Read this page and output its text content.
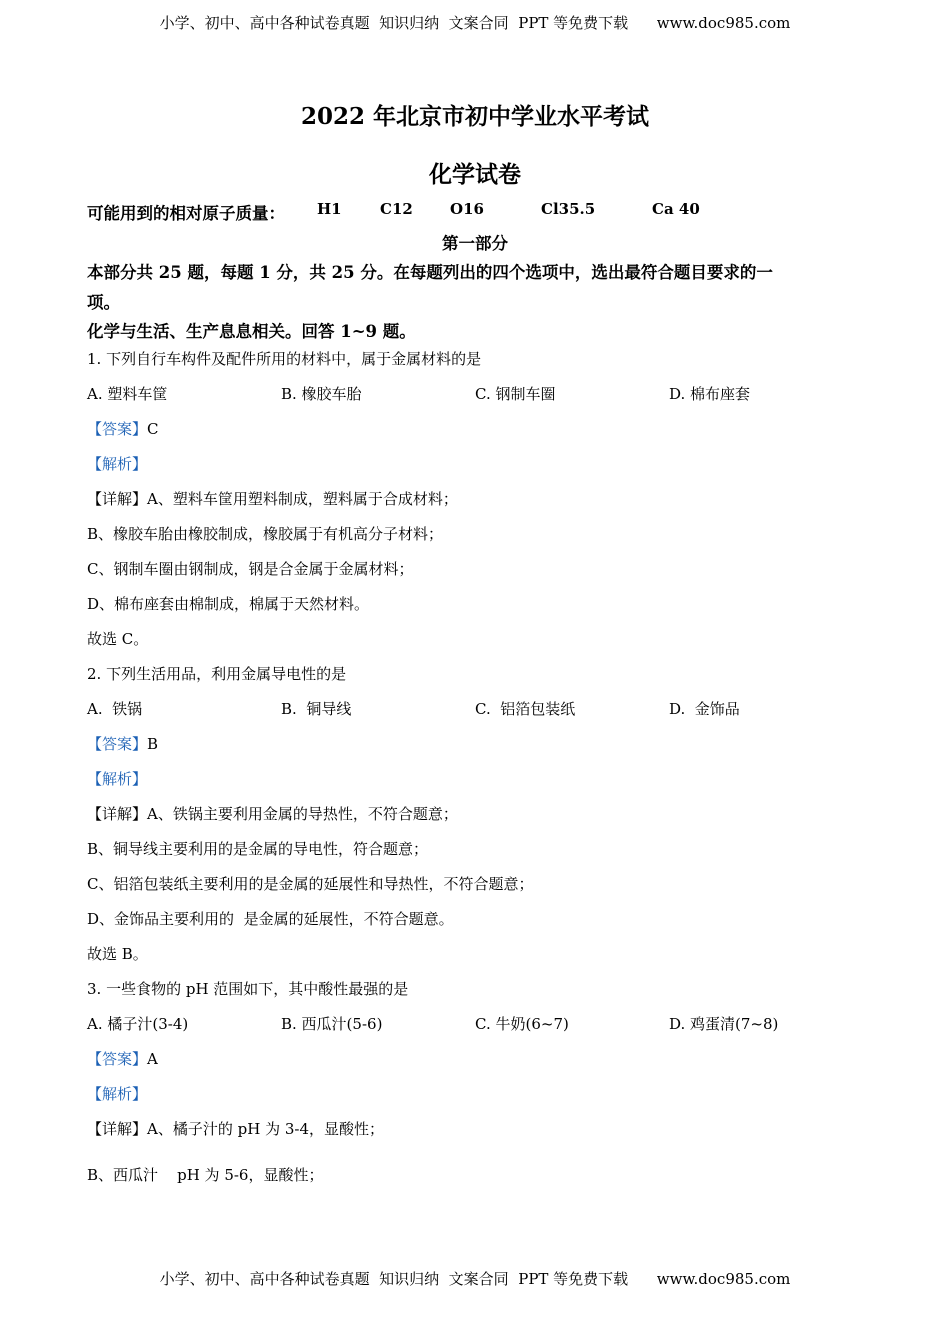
小学、初中、高中各种试卷真题  知识归纳  文案合同  PPT 等免费下载      www.doc985.com
2022 年北京市初中学业水平考试
化学试卷
可能用到的相对原子质量： H1	C12 O16	Cl35.5	Ca 40
第一部分
本部分共 25 题，每题 1 分，共 25 分。在每题列出的四个选项中，选出最符合题目要求的一
项。
化学与生活、生产息息相关。回答 1~9 题。
1. 下列自行车构件及配件所用的材料中，属于金属材料的是
A. 塑料车筐	B. 橡胶车胎	C. 钢制车圈	D. 棉布座套
【答案】C
【解析】
【详解】A、塑料车筐用塑料制成，塑料属于合成材料；
B、橡胶车胎由橡胶制成，橡胶属于有机高分子材料；
C、钢制车圈由钢制成，钢是合金属于金属材料；
D、棉布座套由棉制成，棉属于天然材料。
故选 C。
2. 下列生活用品，利用金属导电性的是
A.  铁锅	B.  铜导线	C.  铝箔包装纸	D.  金饰品
【答案】B
【解析】
【详解】A、铁锅主要利用金属的导热性，不符合题意；
B、铜导线主要利用的是金属的导电性，符合题意；
C、铝箔包装纸主要利用的是金属的延展性和导热性，不符合题意；
D、金饰品主要利用的  是金属的延展性，不符合题意。
故选 B。
3. 一些食物的 pH 范围如下，其中酸性最强的是
A. 橘子汁(3-4)	B. 西瓜汁(5-6)	C. 牛奶(6~7)	D. 鸡蛋清(7~8)
【答案】A
【解析】
【详解】A、橘子汁的 pH 为 3-4，显酸性；
B、西瓜汁    pH 为 5-6，显酸性；
小学、初中、高中各种试卷真题  知识归纳  文案合同  PPT 等免费下载      www.doc985.com
